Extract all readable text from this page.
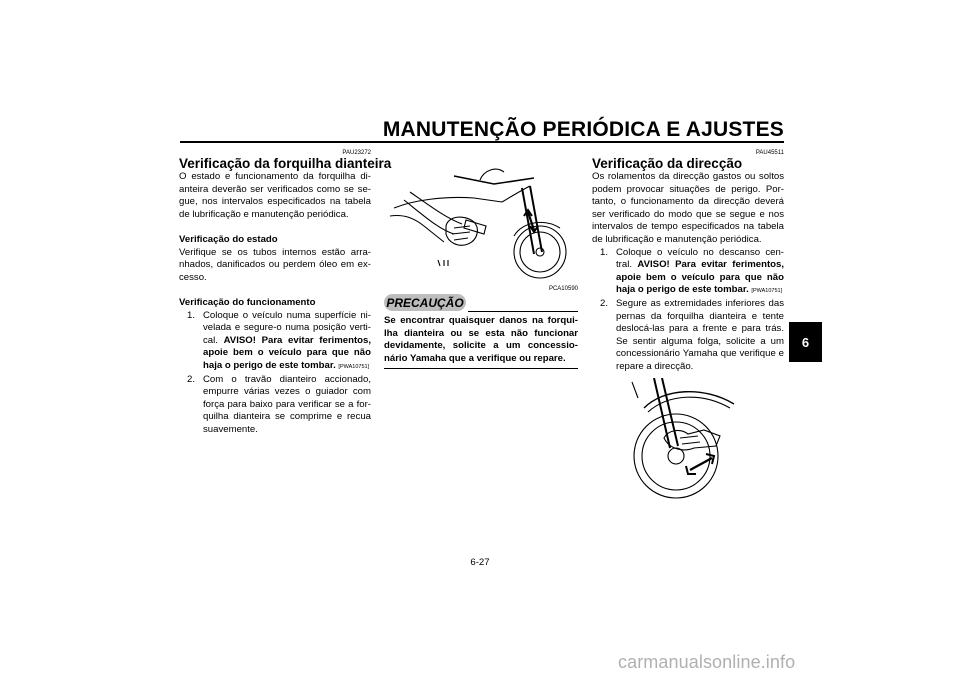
MANUTENÇÃO PERIÓDICA E AJUSTES
PAU23272
Verificação da forquilha dianteira
O estado e funcionamento da forquilha di-anteira deverão ser verificados como se se-gue, nos intervalos especificados na tabela de lubrificação e manutenção periódica.
Verificação do estado
Verifique se os tubos internos estão arra-nhados, danificados ou perdem óleo em ex-cesso.
Verificação do funcionamento
1. Coloque o veículo numa superfície ni-velada e segure-o numa posição verti-cal. AVISO! Para evitar ferimentos, apoie bem o veículo para que não haja o perigo de este tombar. [PWA10751]
2. Com o travão dianteiro accionado, empurre várias vezes o guiador com força para baixo para verificar se a for-quilha dianteira se comprime e recua suavemente.
PCA10590
PRECAUÇÃO
Se encontrar quaisquer danos na forqui-lha dianteira ou se esta não funcionar devidamente, solicite a um concessio-nário Yamaha que a verifique ou repare.
PAU45511
Verificação da direcção
Os rolamentos da direcção gastos ou soltos podem provocar situações de perigo. Por-tanto, o funcionamento da direcção deverá ser verificado do modo que se segue e nos intervalos de tempo especificados na tabela de lubrificação e manutenção periódica.
1. Coloque o veículo no descanso cen-tral. AVISO! Para evitar ferimentos, apoie bem o veículo para que não haja o perigo de este tombar. [PWA10751]
2. Segure as extremidades inferiores das pernas da forquilha dianteira e tente deslocá-las para a frente e para trás. Se sentir alguma folga, solicite a um concessionário Yamaha que verifique e repare a direcção.
6
6-27
carmanualsonline.info
